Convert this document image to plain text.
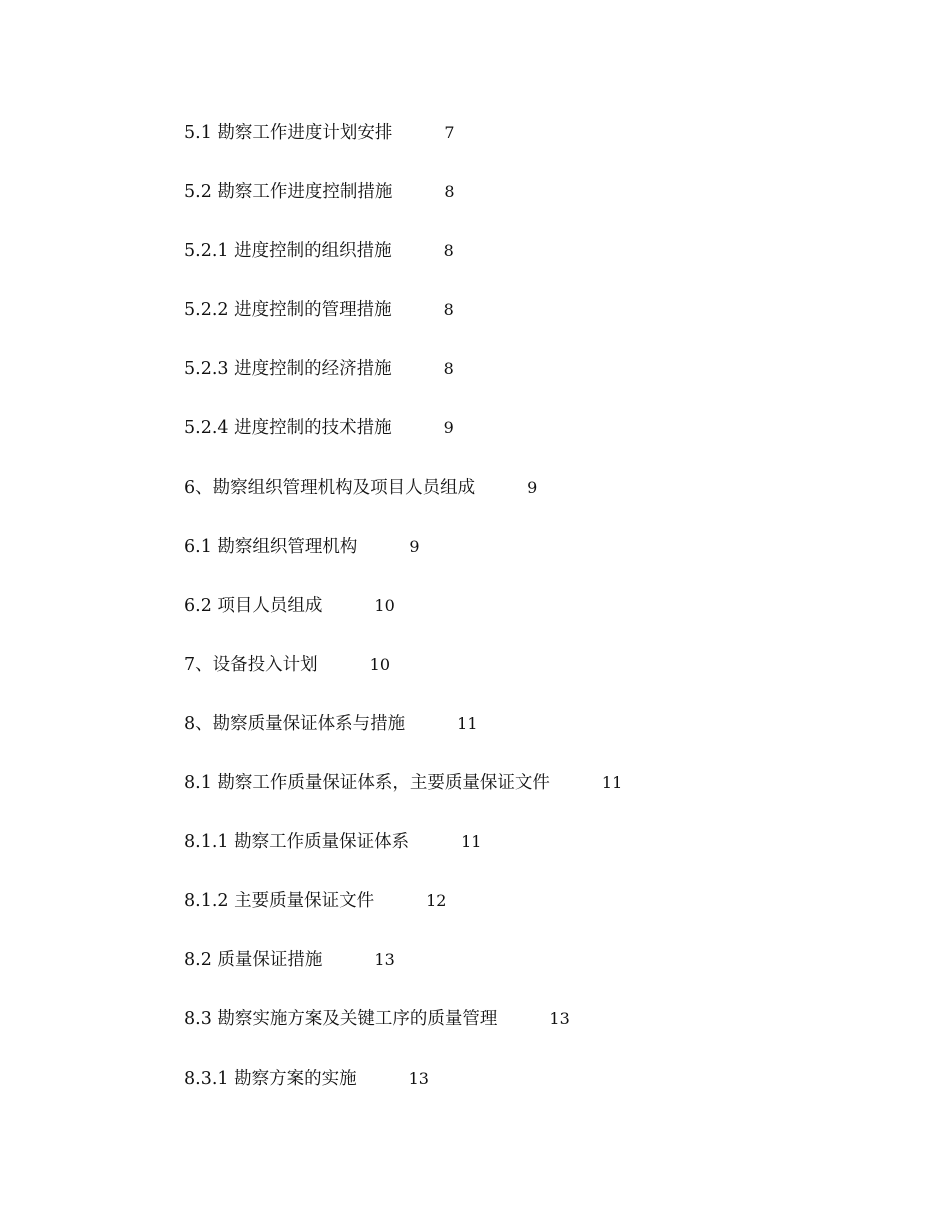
5.1 勘察工作进度计划安排	7
5.2 勘察工作进度控制措施	8
5.2.1 进度控制的组织措施	8
5.2.2 进度控制的管理措施	8
5.2.3 进度控制的经济措施	8
5.2.4 进度控制的技术措施	9
6、勘察组织管理机构及项目人员组成	9
6.1 勘察组织管理机构	9
6.2 项目人员组成	10
7、设备投入计划	10
8、勘察质量保证体系与措施	11
8.1 勘察工作质量保证体系，主要质量保证文件	11
8.1.1 勘察工作质量保证体系	11
8.1.2 主要质量保证文件	12
8.2 质量保证措施	13
8.3 勘察实施方案及关键工序的质量管理	13
8.3.1 勘察方案的实施	13
